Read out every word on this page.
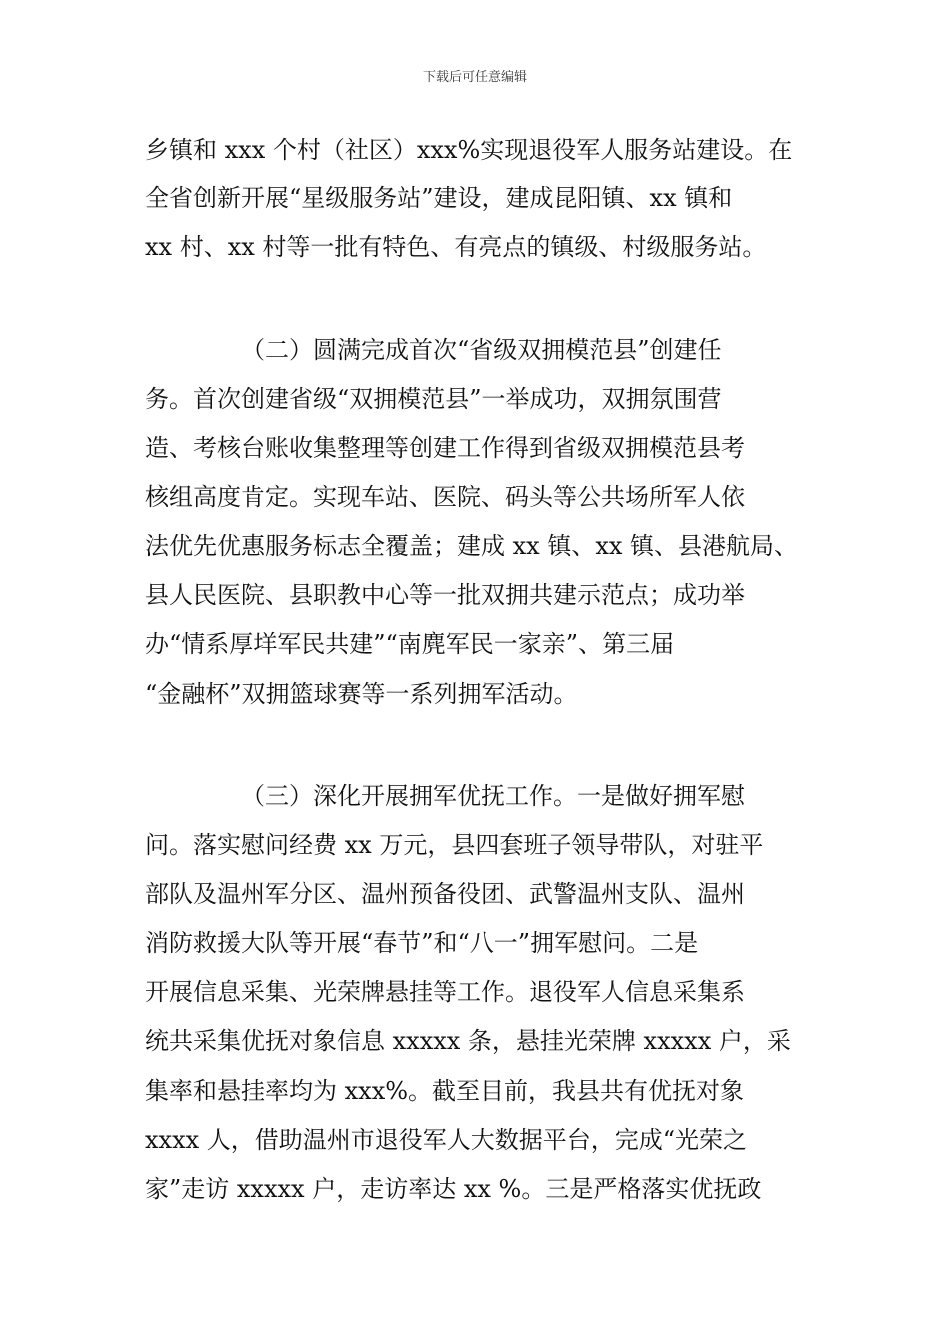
下载后可任意编辑
乡镇和 xxx 个村（社区）xxx%实现退役军人服务站建设。在
全省创新开展“星级服务站”建设，建成昆阳镇、xx 镇和
xx 村、xx 村等一批有特色、有亮点的镇级、村级服务站。
（二）圆满完成首次“省级双拥模范县”创建任
务。首次创建省级“双拥模范县”一举成功，双拥氛围营
造、考核台账收集整理等创建工作得到省级双拥模范县考
核组高度肯定。实现车站、医院、码头等公共场所军人依
法优先优惠服务标志全覆盖；建成 xx 镇、xx 镇、县港航局、
县人民医院、县职教中心等一批双拥共建示范点；成功举
办“情系厚垟军民共建”“南麂军民一家亲”、第三届
“金融杯”双拥篮球赛等一系列拥军活动。
（三）深化开展拥军优抚工作。一是做好拥军慰
问。落实慰问经费 xx 万元，县四套班子领导带队，对驻平
部队及温州军分区、温州预备役团、武警温州支队、温州
消防救援大队等开展“春节”和“八一”拥军慰问。二是
开展信息采集、光荣牌悬挂等工作。退役军人信息采集系
统共采集优抚对象信息 xxxxx 条，悬挂光荣牌 xxxxx 户，采
集率和悬挂率均为 xxx%。截至目前，我县共有优抚对象
xxxx 人，借助温州市退役军人大数据平台，完成“光荣之
家”走访 xxxxx 户，走访率达 xx %。三是严格落实优抚政
